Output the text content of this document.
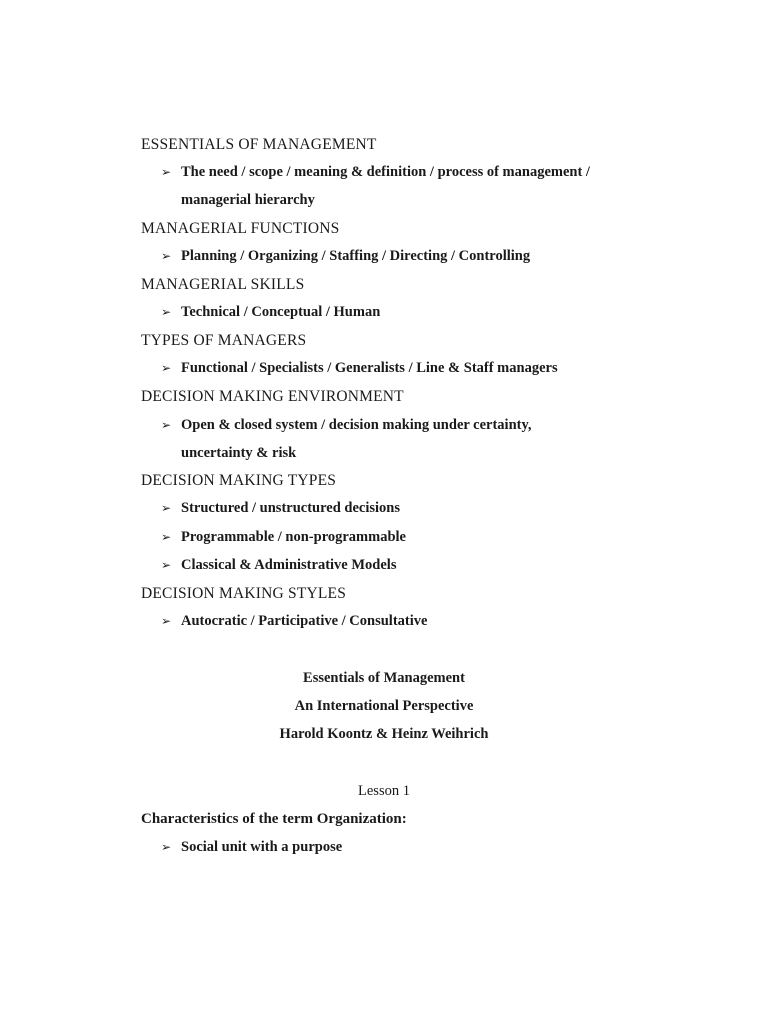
ESSENTIALS OF MANAGEMENT
➢ The need / scope / meaning & definition / process of management /
managerial hierarchy
MANAGERIAL FUNCTIONS
➢ Planning / Organizing / Staffing / Directing / Controlling
MANAGERIAL SKILLS
➢ Technical / Conceptual / Human
TYPES OF MANAGERS
➢ Functional / Specialists / Generalists / Line & Staff managers
DECISION MAKING ENVIRONMENT
➢ Open & closed system / decision making under certainty,
uncertainty & risk
DECISION MAKING TYPES
➢ Structured / unstructured decisions
➢ Programmable / non-programmable
➢ Classical & Administrative Models
DECISION MAKING STYLES
➢ Autocratic / Participative / Consultative
Essentials of Management
An International Perspective
Harold Koontz & Heinz Weihrich
Lesson 1
Characteristics of the term Organization:
➢ Social unit with a purpose
